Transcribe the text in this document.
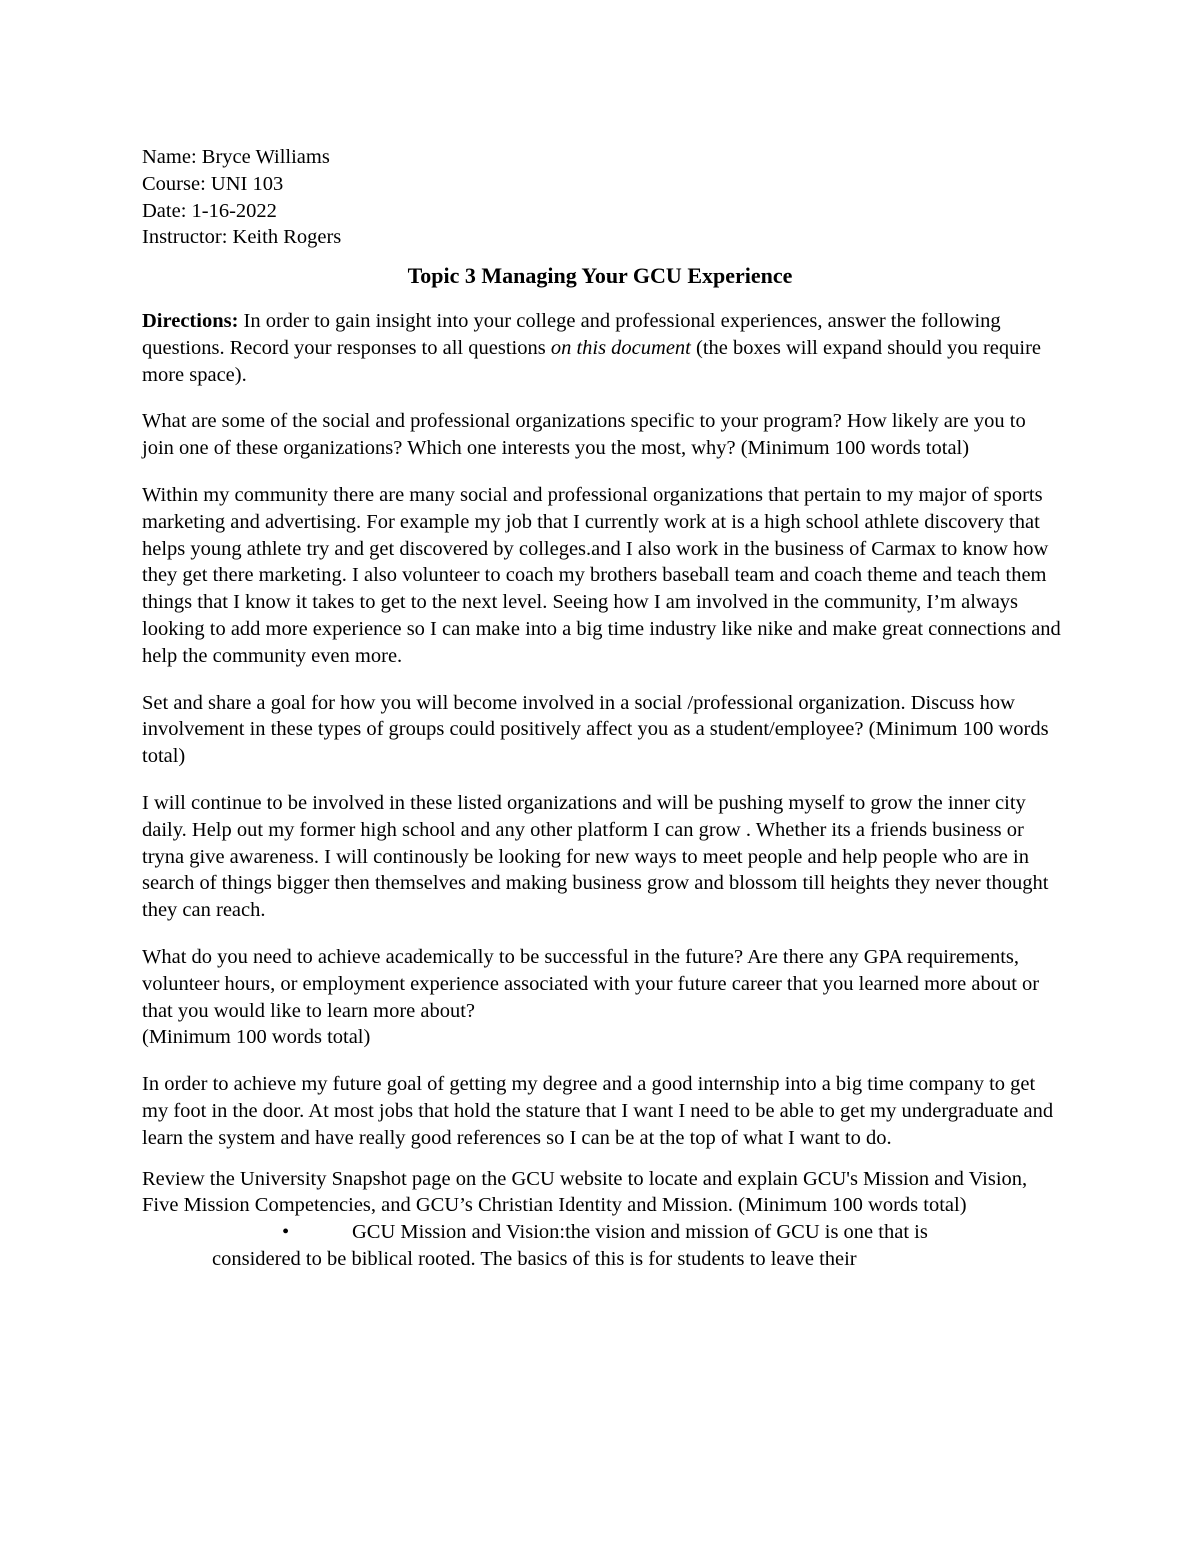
Name: Bryce Williams
Course: UNI 103
Date: 1-16-2022
Instructor: Keith Rogers
Topic 3 Managing Your GCU Experience

Directions: In order to gain insight into your college and professional experiences, answer the following questions. Record your responses to all questions on this document (the boxes will expand should you require more space).

What are some of the social and professional organizations specific to your program? How likely are you to join one of these organizations? Which one interests you the most, why? (Minimum 100 words total)

Within my community there are many social and professional organizations that pertain to my major of sports marketing and advertising. For example my job that I currently work at is a high school athlete discovery that helps young athlete try and get discovered by colleges.and I also work in the business of Carmax to know how they get there marketing. I also volunteer to coach my brothers baseball team and coach theme and teach them things that I know it takes to get to the next level. Seeing how I am involved in the community, I’m always looking to add more experience so I can make into a big time industry like nike and make great connections and help the community even more.

Set and share a goal for how you will become involved in a social /professional organization. Discuss how involvement in these types of groups could positively affect you as a student/employee? (Minimum 100 words total)

I will continue to be involved in these listed organizations and will be pushing myself to grow the inner city daily. Help out my former high school and any other platform I can grow . Whether its a friends business or tryna give awareness. I will continously be looking for new ways to meet people and help people who are in search of things bigger then themselves and making business grow and blossom till heights they never thought they can reach.

What do you need to achieve academically to be successful in the future? Are there any GPA requirements, volunteer hours, or employment experience associated with your future career that you learned more about or that you would like to learn more about?

(Minimum 100 words total)

In order to achieve my future goal of getting my degree and a good internship into a big time company to get my foot in the door. At most jobs that hold the stature that I want I need to be able to get my undergraduate and learn the system and have really good references so I can be at the top of what I want to do.

Review the University Snapshot page on the GCU website to locate and explain GCU's Mission and Vision, Five Mission Competencies, and GCU’s Christian Identity and Mission. (Minimum 100 words total)

•	GCU Mission and Vision:the vision and mission of GCU is one that is
considered to be biblical rooted. The basics of this is for students to leave their
